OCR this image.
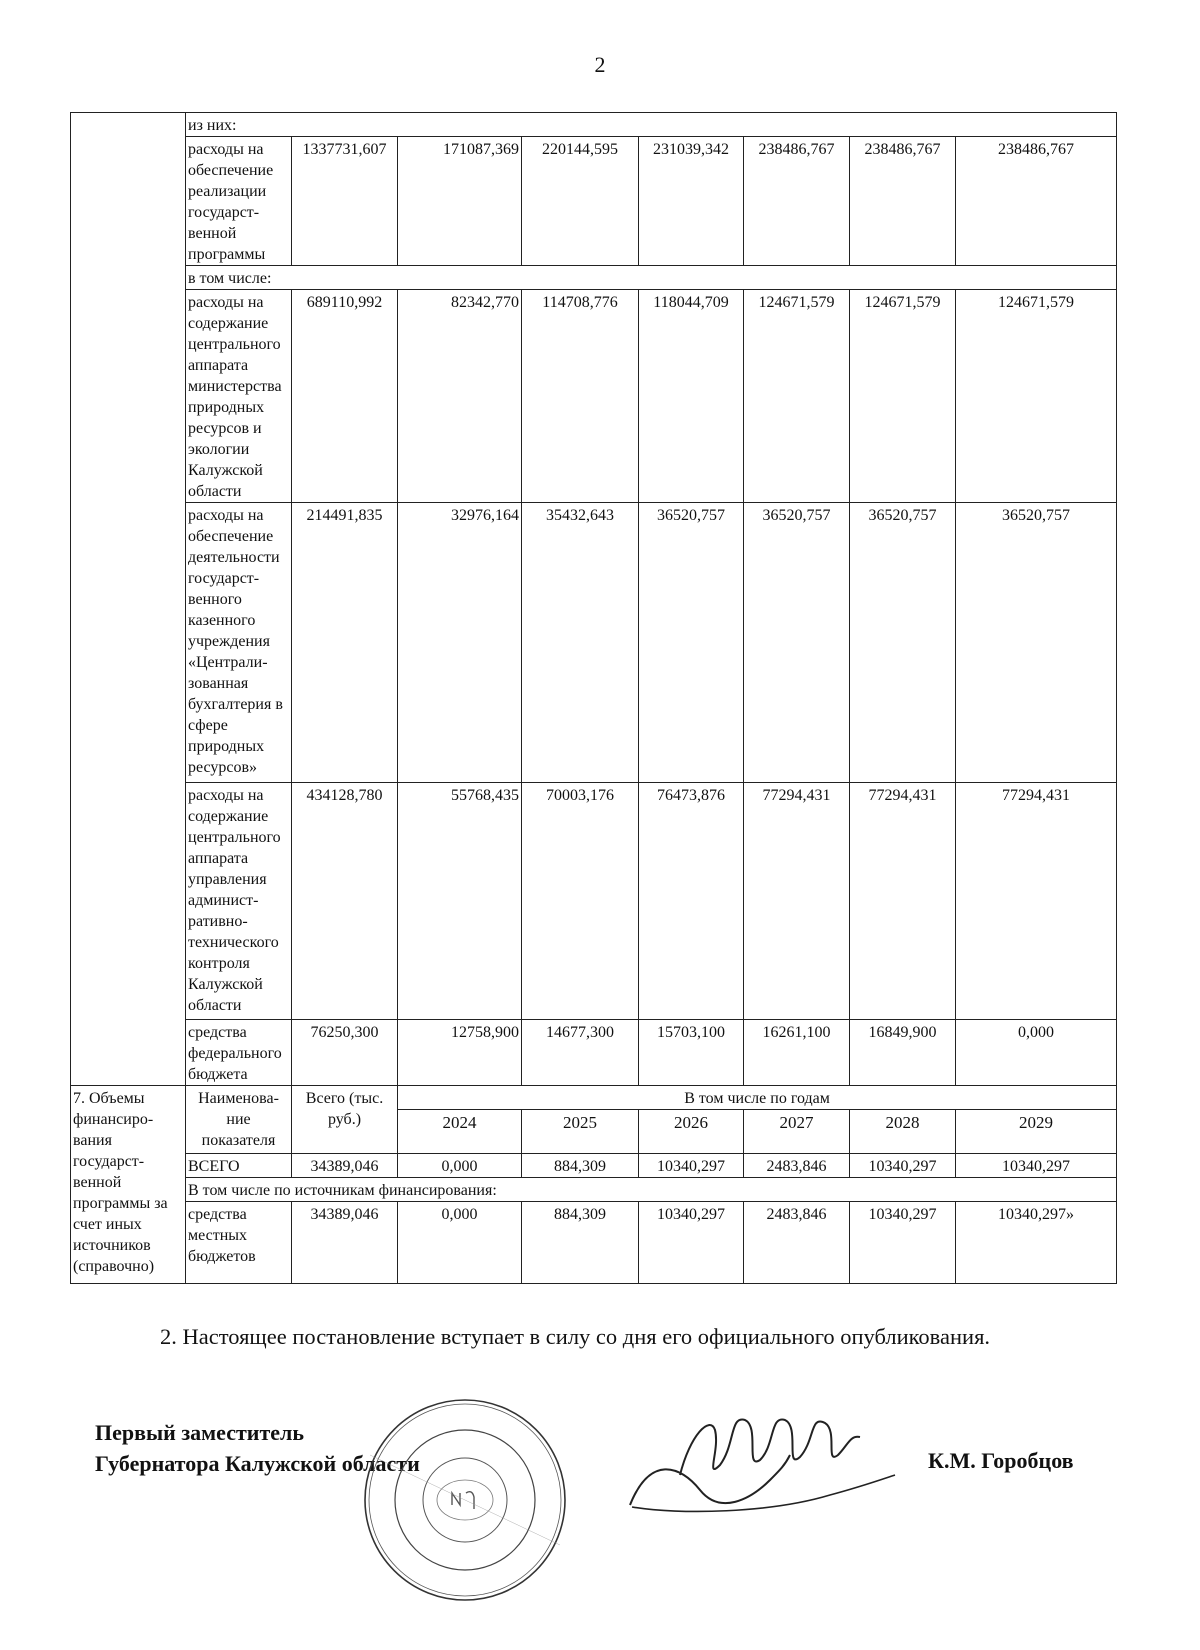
2
	из них:							
	расходы на обеспечение реализации государст-венной программы	1337731,607	171087,369	220144,595	231039,342	238486,767	238486,767	238486,767
	в том числе:							
	расходы на содержание центрального аппарата министерства природных ресурсов и экологии Калужской области	689110,992	82342,770	114708,776	118044,709	124671,579	124671,579	124671,579
	расходы на обеспечение деятельности государст-венного казенного учреждения «Централи-зованная бухгалтерия в сфере природных ресурсов»	214491,835	32976,164	35432,643	36520,757	36520,757	36520,757	36520,757
	расходы на содержание центрального аппарата управления админист-ративно-технического контроля Калужской области	434128,780	55768,435	70003,176	76473,876	77294,431	77294,431	77294,431
	средства федерального бюджета	76250,300	12758,900	14677,300	15703,100	16261,100	16849,900	0,000
7. Объемы финансиро-вания государст-венной программы за счет иных источников (справочно)	Наименова-ние показателя	Всего (тыс. руб.)	В том числе по годам					
			2024	2025	2026	2027	2028	2029
	ВСЕГО	34389,046	0,000	884,309	10340,297	2483,846	10340,297	10340,297
	В том числе по источникам финансирования:							
	средства местных бюджетов	34389,046	0,000	884,309	10340,297	2483,846	10340,297	10340,297»
2. Настоящее постановление вступает в силу со дня его официального опубликования.
Первый заместитель
Губернатора Калужской области	К.М. Горобцов
